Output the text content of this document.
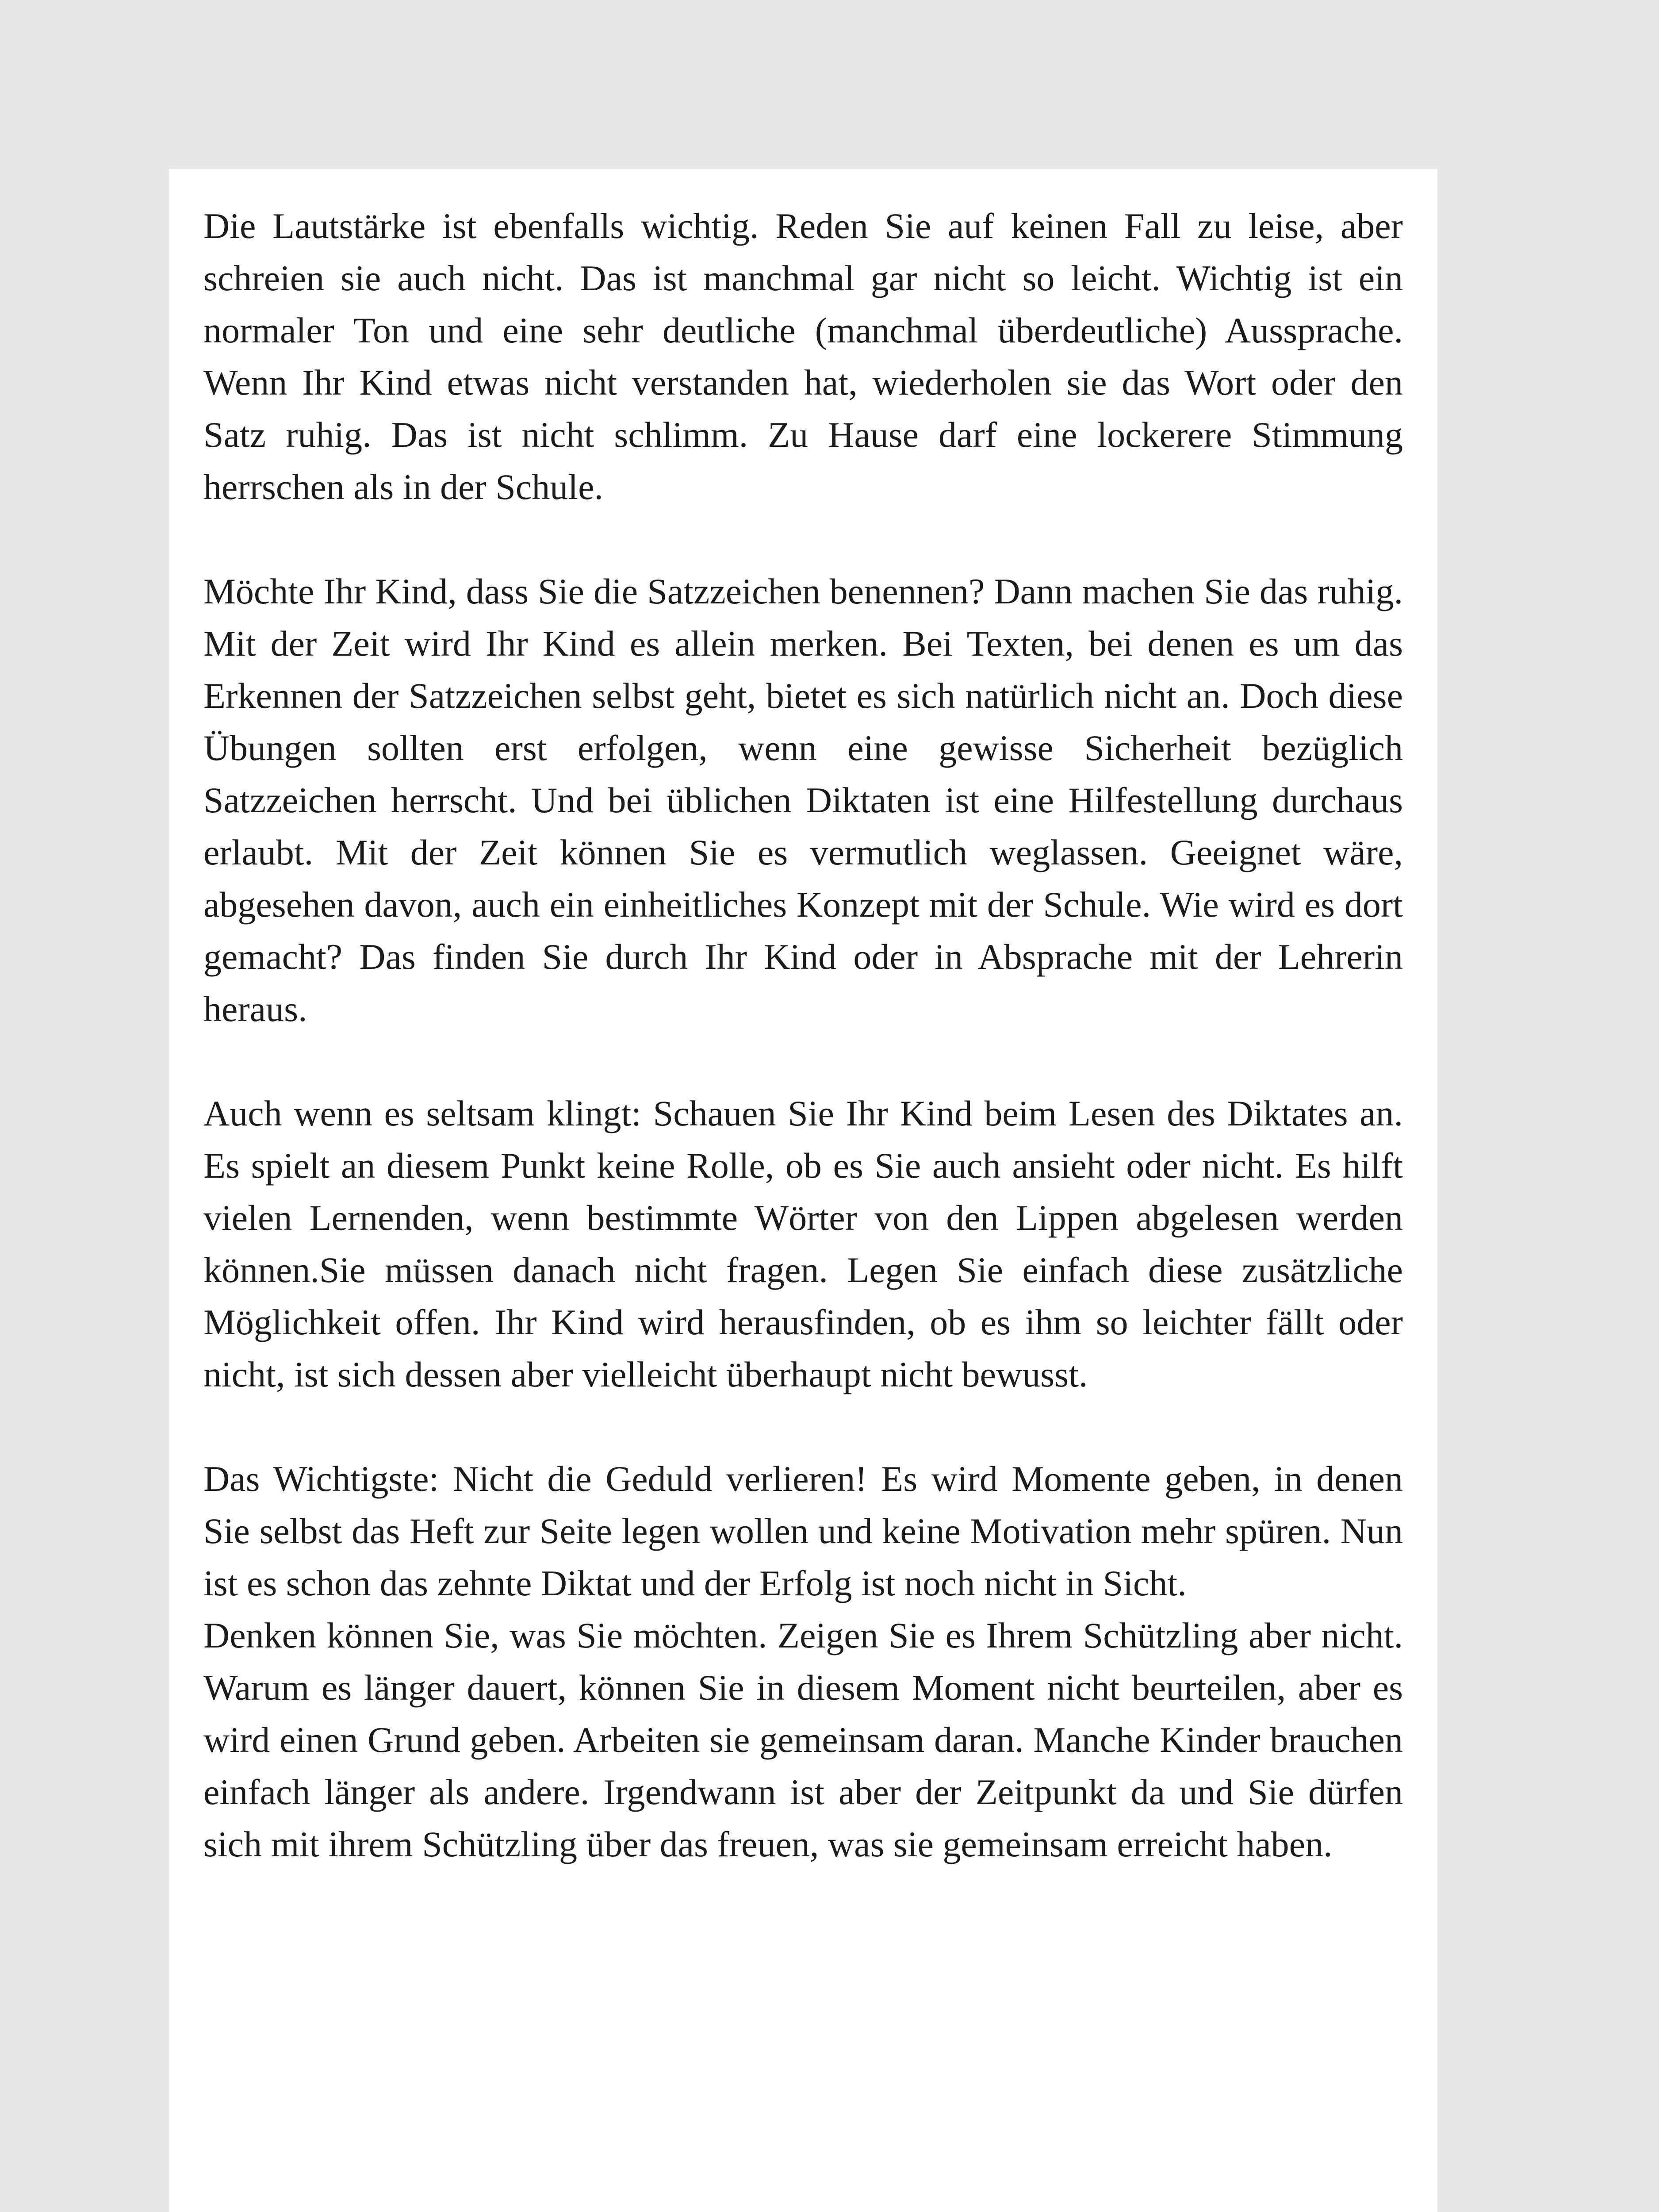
Die Lautstärke ist ebenfalls wichtig. Reden Sie auf keinen Fall zu leise, aber schreien sie auch nicht. Das ist manchmal gar nicht so leicht. Wichtig ist ein normaler Ton und eine sehr deutliche (manchmal überdeutliche) Aussprache. Wenn Ihr Kind etwas nicht verstanden hat, wiederholen sie das Wort oder den Satz ruhig. Das ist nicht schlimm. Zu Hause darf eine lockerere Stimmung herrschen als in der Schule.

Möchte Ihr Kind, dass Sie die Satzzeichen benennen? Dann machen Sie das ruhig. Mit der Zeit wird Ihr Kind es allein merken. Bei Texten, bei denen es um das Erkennen der Satzzeichen selbst geht, bietet es sich natürlich nicht an. Doch diese Übungen sollten erst erfolgen, wenn eine gewisse Sicherheit bezüglich Satzzeichen herrscht. Und bei üblichen Diktaten ist eine Hilfestellung durchaus erlaubt. Mit der Zeit können Sie es vermutlich weglassen. Geeignet wäre, abgesehen davon, auch ein einheitliches Konzept mit der Schule. Wie wird es dort gemacht? Das finden Sie durch Ihr Kind oder in Absprache mit der Lehrerin heraus.

Auch wenn es seltsam klingt: Schauen Sie Ihr Kind beim Lesen des Diktates an. Es spielt an diesem Punkt keine Rolle, ob es Sie auch ansieht oder nicht. Es hilft vielen Lernenden, wenn bestimmte Wörter von den Lippen abgelesen werden können.Sie müssen danach nicht fragen. Legen Sie einfach diese zusätzliche Möglichkeit offen. Ihr Kind wird herausfinden, ob es ihm so leichter fällt oder nicht, ist sich dessen aber vielleicht überhaupt nicht bewusst.

Das Wichtigste: Nicht die Geduld verlieren! Es wird Momente geben, in denen Sie selbst das Heft zur Seite legen wollen und keine Motivation mehr spüren. Nun ist es schon das zehnte Diktat und der Erfolg ist noch nicht in Sicht.

Denken können Sie, was Sie möchten. Zeigen Sie es Ihrem Schützling aber nicht. Warum es länger dauert, können Sie in diesem Moment nicht beurteilen, aber es wird einen Grund geben. Arbeiten sie gemeinsam daran. Manche Kinder brauchen einfach länger als andere. Irgendwann ist aber der Zeitpunkt da und Sie dürfen sich mit ihrem Schützling über das freuen, was sie gemeinsam erreicht haben.
